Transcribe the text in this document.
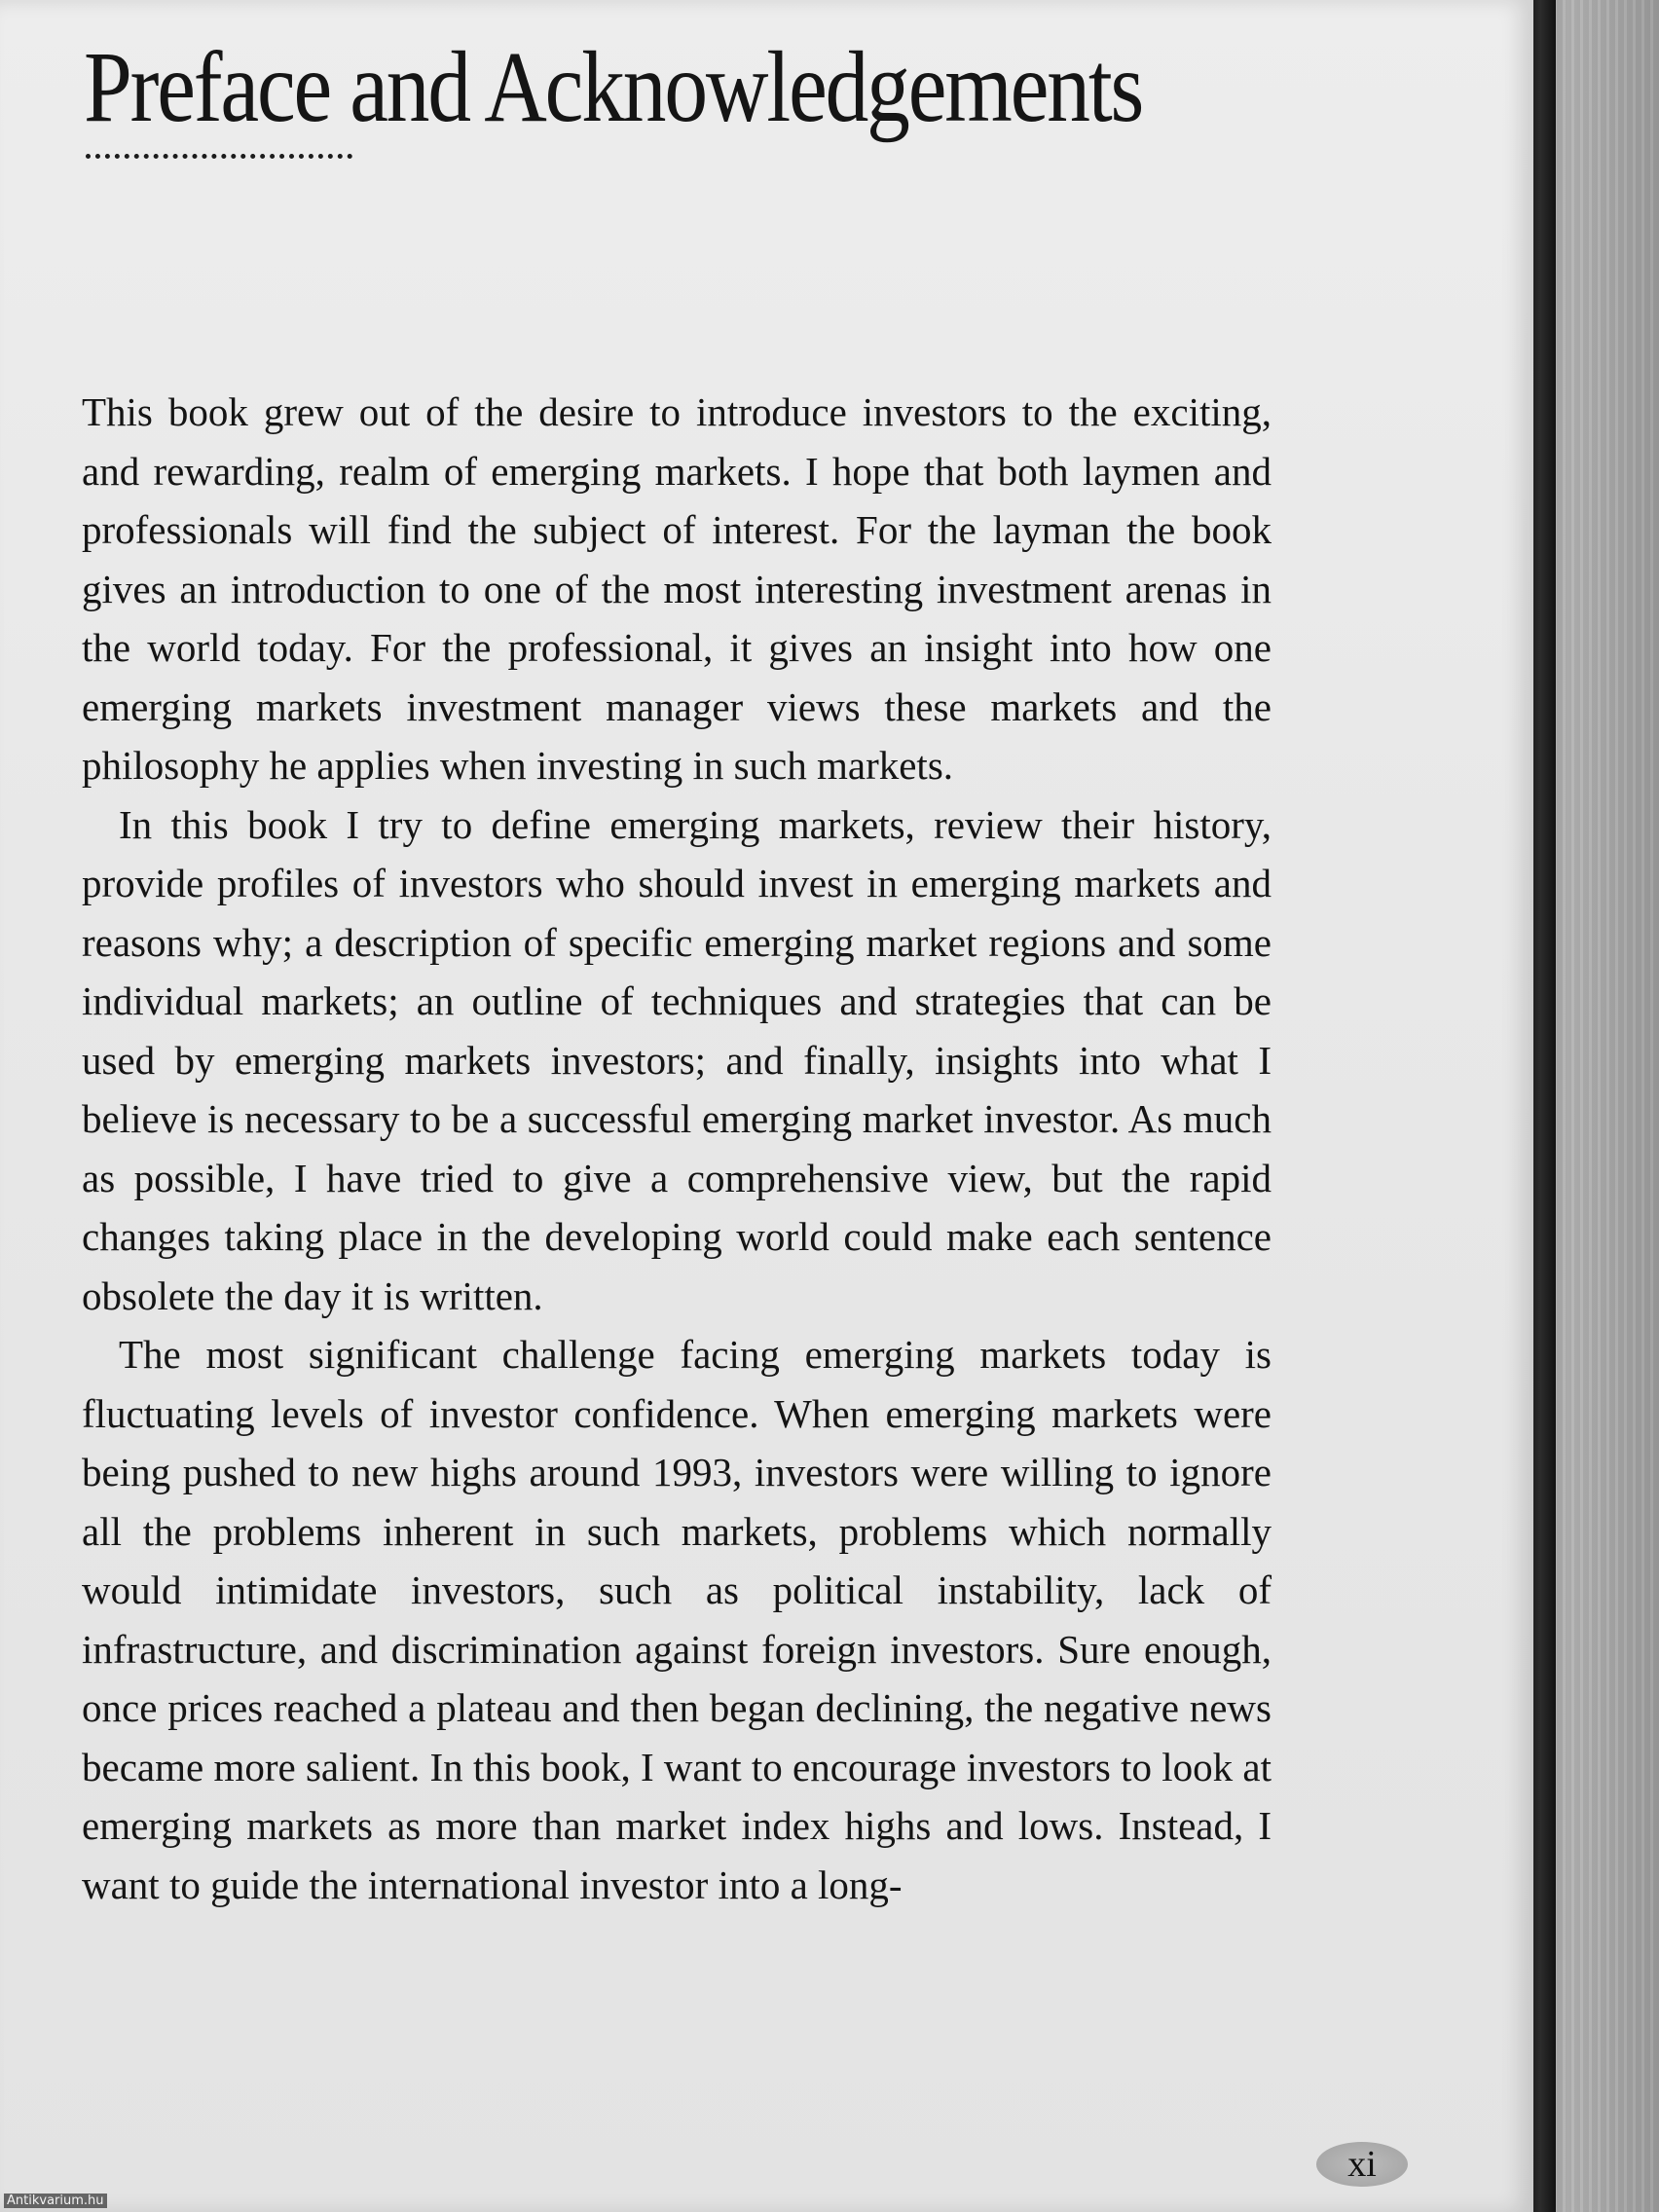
Preface and Acknowledgements

This book grew out of the desire to introduce investors to the exciting, and rewarding, realm of emerging markets. I hope that both laymen and professionals will find the subject of interest. For the layman the book gives an introduction to one of the most interesting investment arenas in the world today. For the professional, it gives an insight into how one emerging markets investment manager views these markets and the philosophy he applies when investing in such markets.

In this book I try to define emerging markets, review their history, provide profiles of investors who should invest in emerging markets and reasons why; a description of specific emerging market regions and some individual markets; an outline of techniques and strategies that can be used by emerging markets investors; and finally, insights into what I believe is necessary to be a successful emerging market investor. As much as possible, I have tried to give a comprehensive view, but the rapid changes taking place in the developing world could make each sentence obsolete the day it is written.

The most significant challenge facing emerging markets today is fluctuating levels of investor confidence. When emerging markets were being pushed to new highs around 1993, investors were willing to ignore all the problems inherent in such markets, problems which normally would intimidate investors, such as political instability, lack of infrastructure, and discrimination against foreign investors. Sure enough, once prices reached a plateau and then began declining, the negative news became more salient. In this book, I want to encourage investors to look at emerging markets as more than market index highs and lows. Instead, I want to guide the international investor into a long-

xi
Antikvarium.hu
